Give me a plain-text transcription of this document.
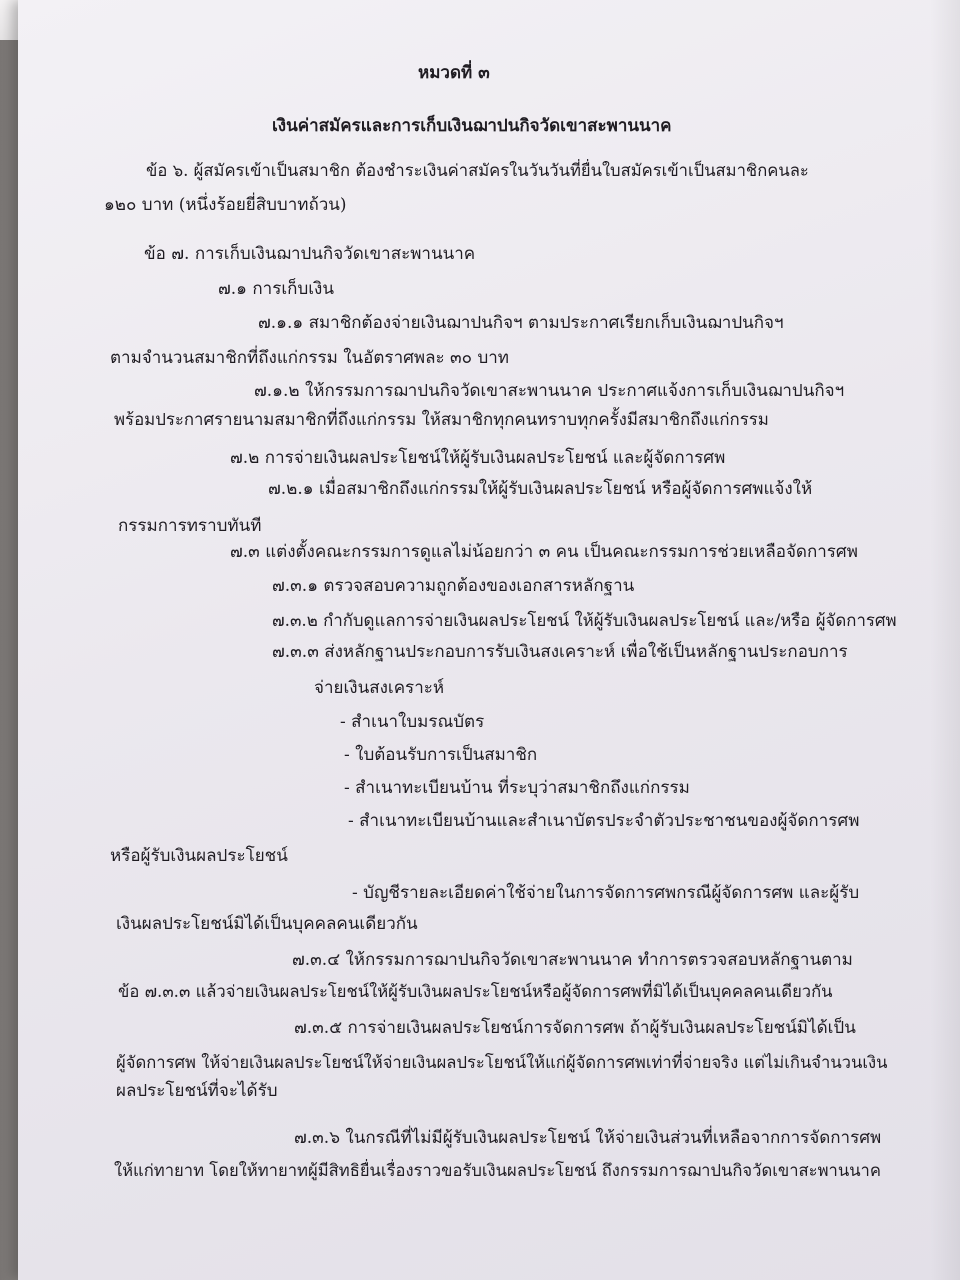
หมวดที่ ๓
เงินค่าสมัครและการเก็บเงินฌาปนกิจวัดเขาสะพานนาค
ข้อ ๖. ผู้สมัครเข้าเป็นสมาชิก ต้องชำระเงินค่าสมัครในวันวันที่ยื่นใบสมัครเข้าเป็นสมาชิกคนละ
๑๒๐ บาท (หนึ่งร้อยยี่สิบบาทถ้วน)
ข้อ ๗. การเก็บเงินฌาปนกิจวัดเขาสะพานนาค
๗.๑ การเก็บเงิน
๗.๑.๑ สมาชิกต้องจ่ายเงินฌาปนกิจฯ ตามประกาศเรียกเก็บเงินฌาปนกิจฯ
ตามจำนวนสมาชิกที่ถึงแก่กรรม ในอัตราศพละ ๓๐ บาท
๗.๑.๒ ให้กรรมการฌาปนกิจวัดเขาสะพานนาค ประกาศแจ้งการเก็บเงินฌาปนกิจฯ
พร้อมประกาศรายนามสมาชิกที่ถึงแก่กรรม ให้สมาชิกทุกคนทราบทุกครั้งมีสมาชิกถึงแก่กรรม
๗.๒ การจ่ายเงินผลประโยชน์ให้ผู้รับเงินผลประโยชน์ และผู้จัดการศพ
๗.๒.๑ เมื่อสมาชิกถึงแก่กรรมให้ผู้รับเงินผลประโยชน์ หรือผู้จัดการศพแจ้งให้
กรรมการทราบทันที
๗.๓ แต่งตั้งคณะกรรมการดูแลไม่น้อยกว่า ๓ คน เป็นคณะกรรมการช่วยเหลือจัดการศพ
๗.๓.๑ ตรวจสอบความถูกต้องของเอกสารหลักฐาน
๗.๓.๒ กำกับดูแลการจ่ายเงินผลประโยชน์ ให้ผู้รับเงินผลประโยชน์ และ/หรือ ผู้จัดการศพ
๗.๓.๓ ส่งหลักฐานประกอบการรับเงินสงเคราะห์ เพื่อใช้เป็นหลักฐานประกอบการ
จ่ายเงินสงเคราะห์
- สำเนาใบมรณบัตร
- ใบต้อนรับการเป็นสมาชิก
- สำเนาทะเบียนบ้าน ที่ระบุว่าสมาชิกถึงแก่กรรม
- สำเนาทะเบียนบ้านและสำเนาบัตรประจำตัวประชาชนของผู้จัดการศพ
หรือผู้รับเงินผลประโยชน์
- บัญชีรายละเอียดค่าใช้จ่ายในการจัดการศพกรณีผู้จัดการศพ และผู้รับ
เงินผลประโยชน์มิได้เป็นบุคคลคนเดียวกัน
๗.๓.๔ ให้กรรมการฌาปนกิจวัดเขาสะพานนาค ทำการตรวจสอบหลักฐานตาม
ข้อ ๗.๓.๓ แล้วจ่ายเงินผลประโยชน์ให้ผู้รับเงินผลประโยชน์หรือผู้จัดการศพที่มิได้เป็นบุคคลคนเดียวกัน
๗.๓.๕ การจ่ายเงินผลประโยชน์การจัดการศพ ถ้าผู้รับเงินผลประโยชน์มิได้เป็น
ผู้จัดการศพ ให้จ่ายเงินผลประโยชน์ให้จ่ายเงินผลประโยชน์ให้แก่ผู้จัดการศพเท่าที่จ่ายจริง แต่ไม่เกินจำนวนเงิน
ผลประโยชน์ที่จะได้รับ
๗.๓.๖ ในกรณีที่ไม่มีผู้รับเงินผลประโยชน์ ให้จ่ายเงินส่วนที่เหลือจากการจัดการศพ
ให้แก่ทายาท โดยให้ทายาทผู้มีสิทธิยื่นเรื่องราวขอรับเงินผลประโยชน์ ถึงกรรมการฌาปนกิจวัดเขาสะพานนาค
